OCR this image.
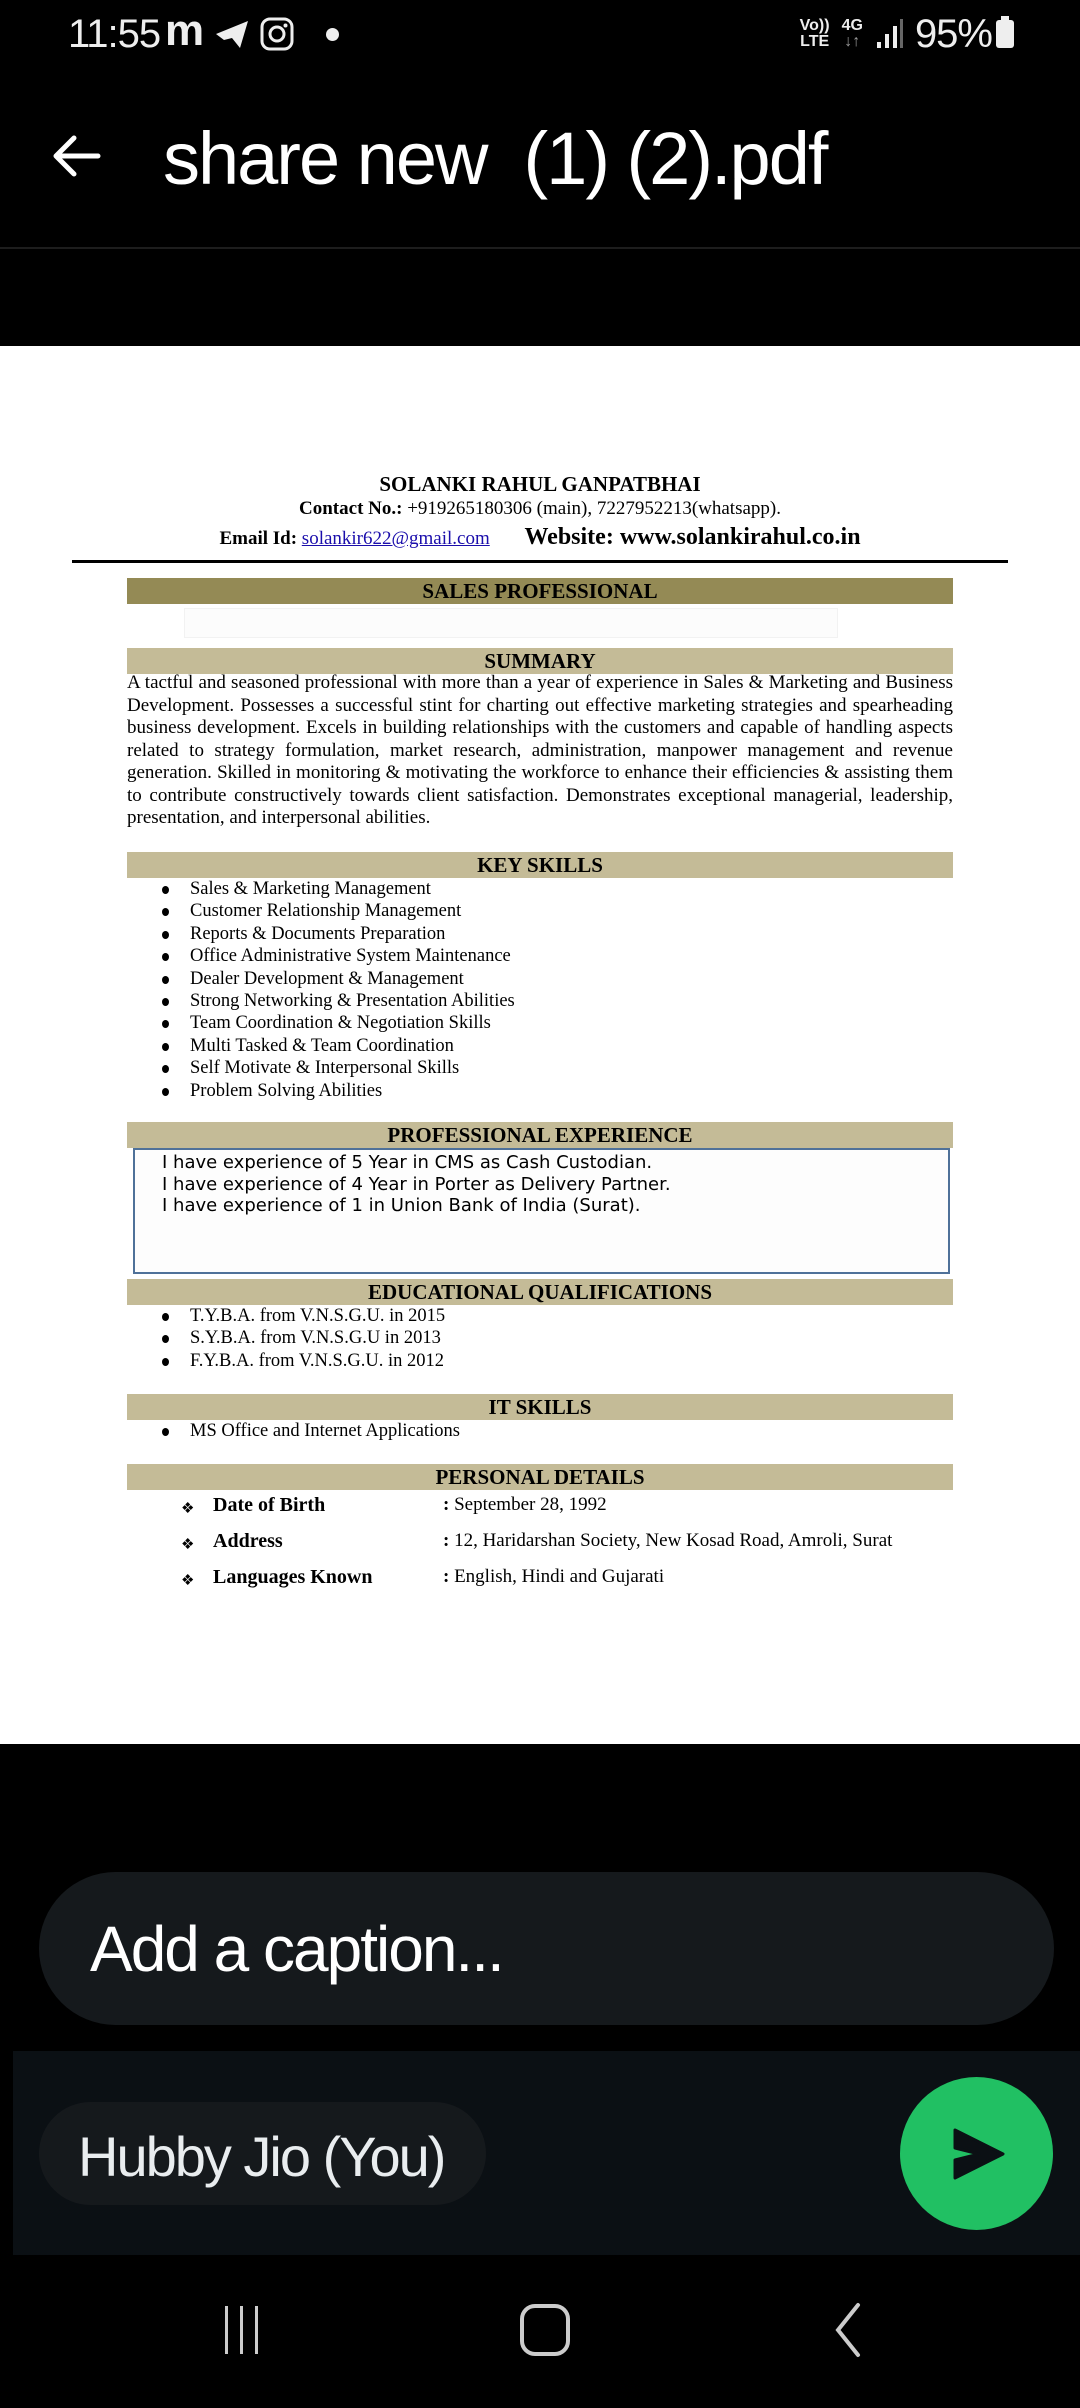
11:55 m	Vo))
LTE
4G
↓↑ 95%
share new  (1) (2).pdf
SOLANKI RAHUL GANPATBHAI
Contact No.: +919265180306 (main), 7227952213(whatsapp).
Email Id: solankir622@gmail.com Website: www.solankirahul.co.in
SALES PROFESSIONAL
SUMMARY
A tactful and seasoned professional with more than a year of experience in Sales & Marketing and Business Development. Possesses a successful stint for charting out effective marketing strategies and spearheading business development. Excels in building relationships with the customers and capable of handling aspects related to strategy formulation, market research, administration, manpower management and revenue generation. Skilled in monitoring & motivating the workforce to enhance their efficiencies & assisting them to contribute constructively towards client satisfaction. Demonstrates exceptional managerial, leadership, presentation, and interpersonal abilities.
KEY SKILLS
Sales & Marketing Management
Customer Relationship Management
Reports & Documents Preparation
Office Administrative System Maintenance
Dealer Development & Management
Strong Networking & Presentation Abilities
Team Coordination & Negotiation Skills
Multi Tasked & Team Coordination
Self Motivate & Interpersonal Skills
Problem Solving Abilities
PROFESSIONAL EXPERIENCE
I have experience of 5 Year in CMS as Cash Custodian.
I have experience of 4 Year in Porter as Delivery Partner.
I have experience of 1 in Union Bank of India (Surat).
EDUCATIONAL QUALIFICATIONS
T.Y.B.A. from V.N.S.G.U. in 2015
S.Y.B.A. from V.N.S.G.U in 2013
F.Y.B.A. from V.N.S.G.U. in 2012
IT SKILLS
MS Office and Internet Applications
PERSONAL DETAILS
❖ Date of Birth	: September 28, 1992
❖ Address	: 12, Haridarshan Society, New Kosad Road, Amroli, Surat
❖ Languages Known	: English, Hindi and Gujarati
Add a caption...
Hubby Jio (You)
